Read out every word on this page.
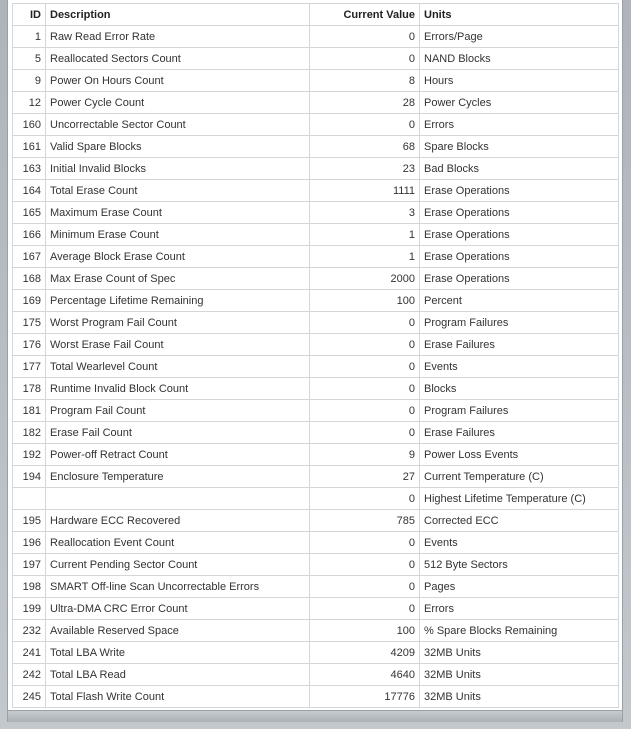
ID	Description	Current Value	Units
1	Raw Read Error Rate	0	Errors/Page
5	Reallocated Sectors Count	0	NAND Blocks
9	Power On Hours Count	8	Hours
12	Power Cycle Count	28	Power Cycles
160	Uncorrectable Sector Count	0	Errors
161	Valid Spare Blocks	68	Spare Blocks
163	Initial Invalid Blocks	23	Bad Blocks
164	Total Erase Count	1111	Erase Operations
165	Maximum Erase Count	3	Erase Operations
166	Minimum Erase Count	1	Erase Operations
167	Average Block Erase Count	1	Erase Operations
168	Max Erase Count of Spec	2000	Erase Operations
169	Percentage Lifetime Remaining	100	Percent
175	Worst Program Fail Count	0	Program Failures
176	Worst Erase Fail Count	0	Erase Failures
177	Total Wearlevel Count	0	Events
178	Runtime Invalid Block Count	0	Blocks
181	Program Fail Count	0	Program Failures
182	Erase Fail Count	0	Erase Failures
192	Power-off Retract Count	9	Power Loss Events
194	Enclosure Temperature	27	Current Temperature (C)
		0	Highest Lifetime Temperature (C)
195	Hardware ECC Recovered	785	Corrected ECC
196	Reallocation Event Count	0	Events
197	Current Pending Sector Count	0	512 Byte Sectors
198	SMART Off-line Scan Uncorrectable Errors	0	Pages
199	Ultra-DMA CRC Error Count	0	Errors
232	Available Reserved Space	100	% Spare Blocks Remaining
241	Total LBA Write	4209	32MB Units
242	Total LBA Read	4640	32MB Units
245	Total Flash Write Count	17776	32MB Units
